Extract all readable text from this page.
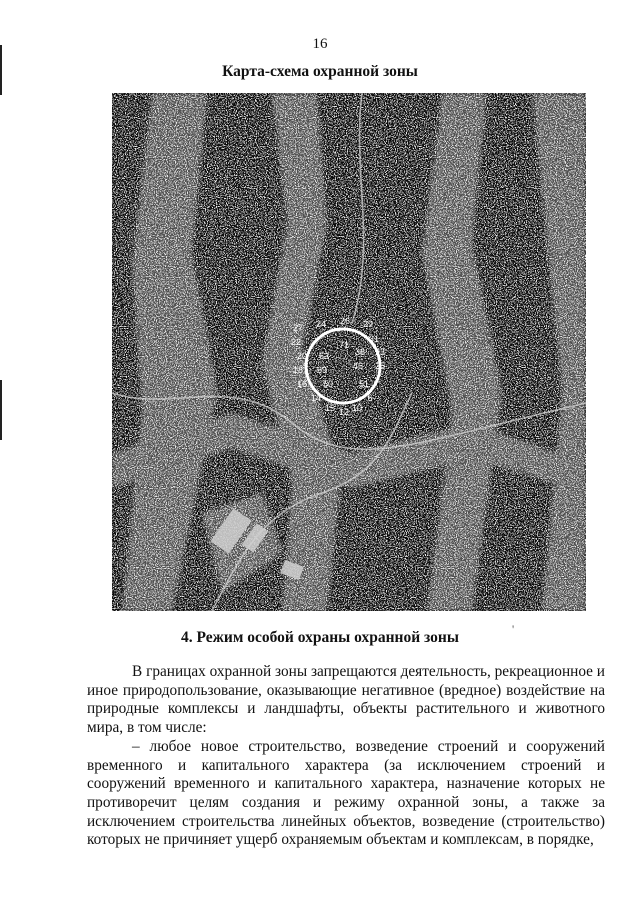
16
Карта-схема охранной зоны
27 24 26 29
22	71
38
31
20 63
46
23
18 69	25
16 50	51
14
15 12 10
6
'
4. Режим особой охраны охранной зоны

В границах охранной зоны запрещаются деятельность, рекреационное и иное природопользование, оказывающие негативное (вредное) воздействие на природные комплексы и ландшафты, объекты растительного и животного мира, в том числе:

– любое новое строительство, возведение строений и сооружений временного и капитального характера (за исключением строений и сооружений временного и капитального характера, назначение которых не противоречит целям создания и режиму охранной зоны, а также за исключением строительства линейных объектов, возведение (строительство) которых не причиняет ущерб охраняемым объектам и комплексам, в порядке,
